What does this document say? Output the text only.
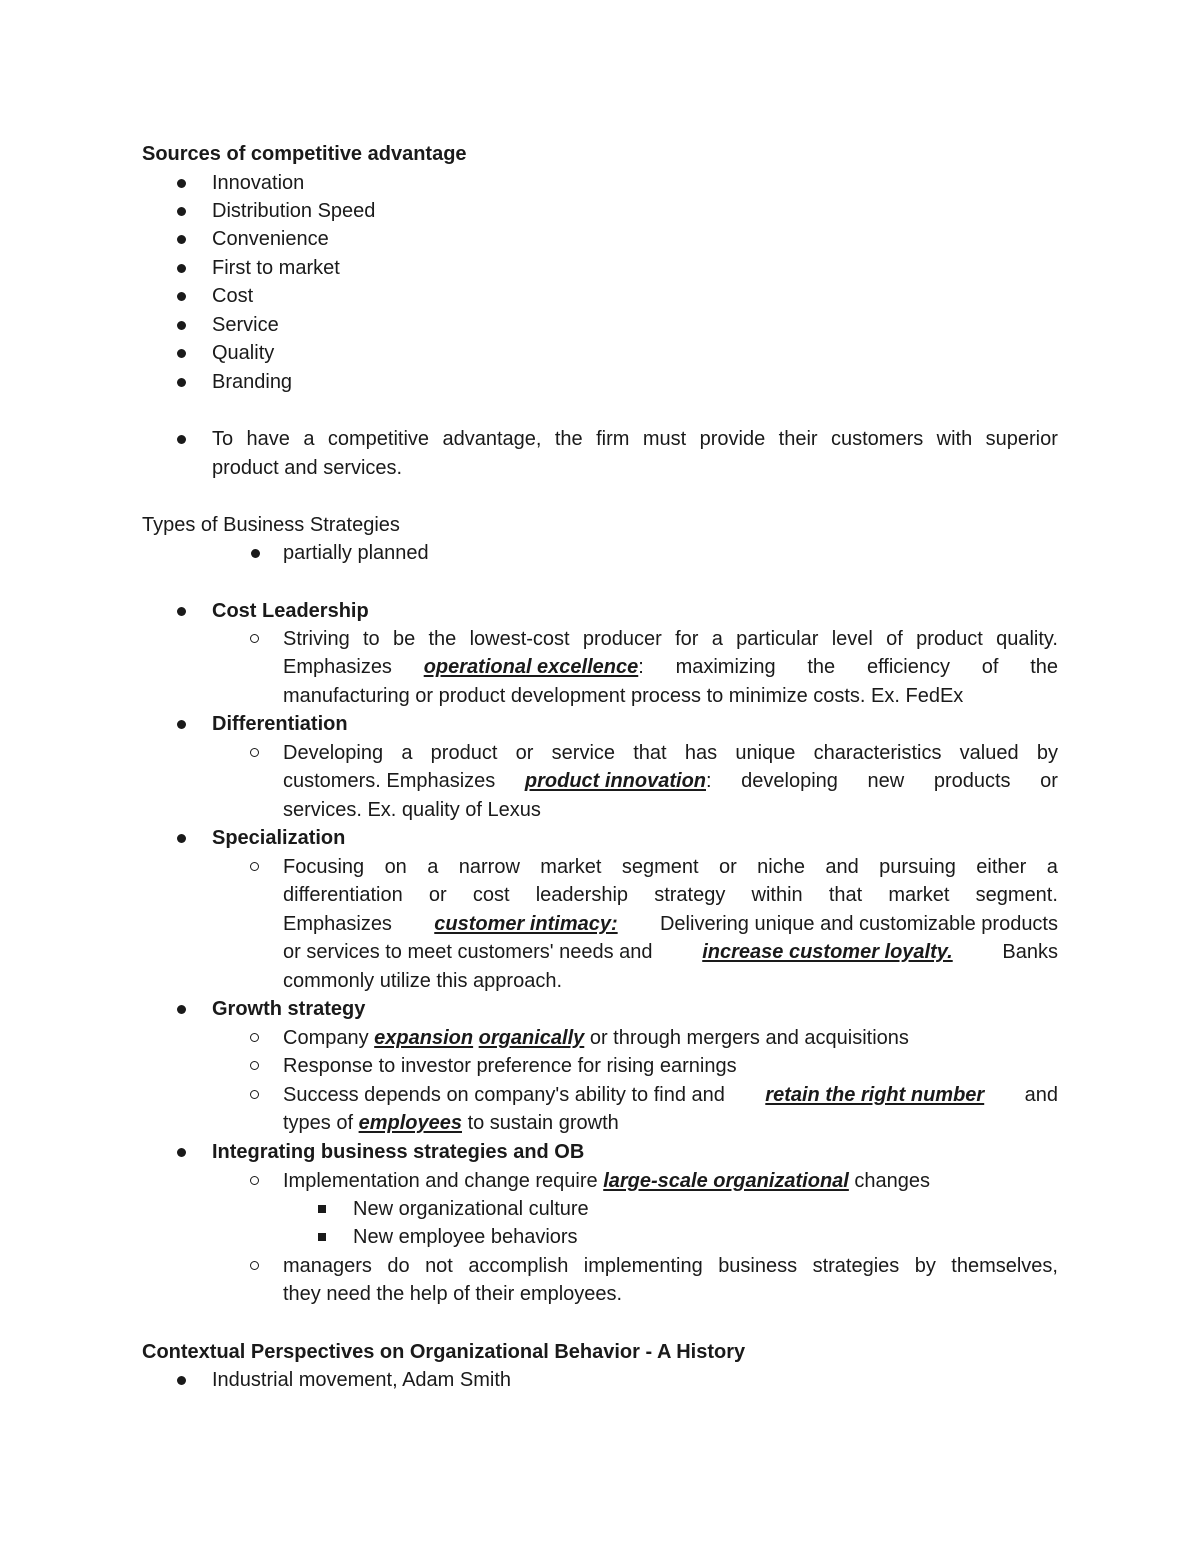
Sources of competitive advantage
Innovation
Distribution Speed
Convenience
First to market
Cost
Service
Quality
Branding
To have a competitive advantage, the firm must provide their customers with superior
product and services.
Types of Business Strategies
partially planned
Cost Leadership
Striving to be the lowest-cost producer for a particular level of product quality.
Emphasizes operational excellence: maximizing the efficiency of the
manufacturing or product development process to minimize costs. Ex. FedEx
Differentiation
Developing a product or service that has unique characteristics valued by
customers. Emphasizes product innovation: developing new products or
services. Ex. quality of Lexus
Specialization
Focusing on a narrow market segment or niche and pursuing either a
differentiation or cost leadership strategy within that market segment.
Emphasizes customer intimacy: Delivering unique and customizable products
or services to meet customers' needs and increase customer loyalty. Banks
commonly utilize this approach.
Growth strategy
Company expansion organically or through mergers and acquisitions
Response to investor preference for rising earnings
Success depends on company's ability to find and retain the right number and
types of employees to sustain growth
Integrating business strategies and OB
Implementation and change require large-scale organizational changes
New organizational culture
New employee behaviors
managers do not accomplish implementing business strategies by themselves,
they need the help of their employees.
Contextual Perspectives on Organizational Behavior - A History
Industrial movement, Adam Smith
